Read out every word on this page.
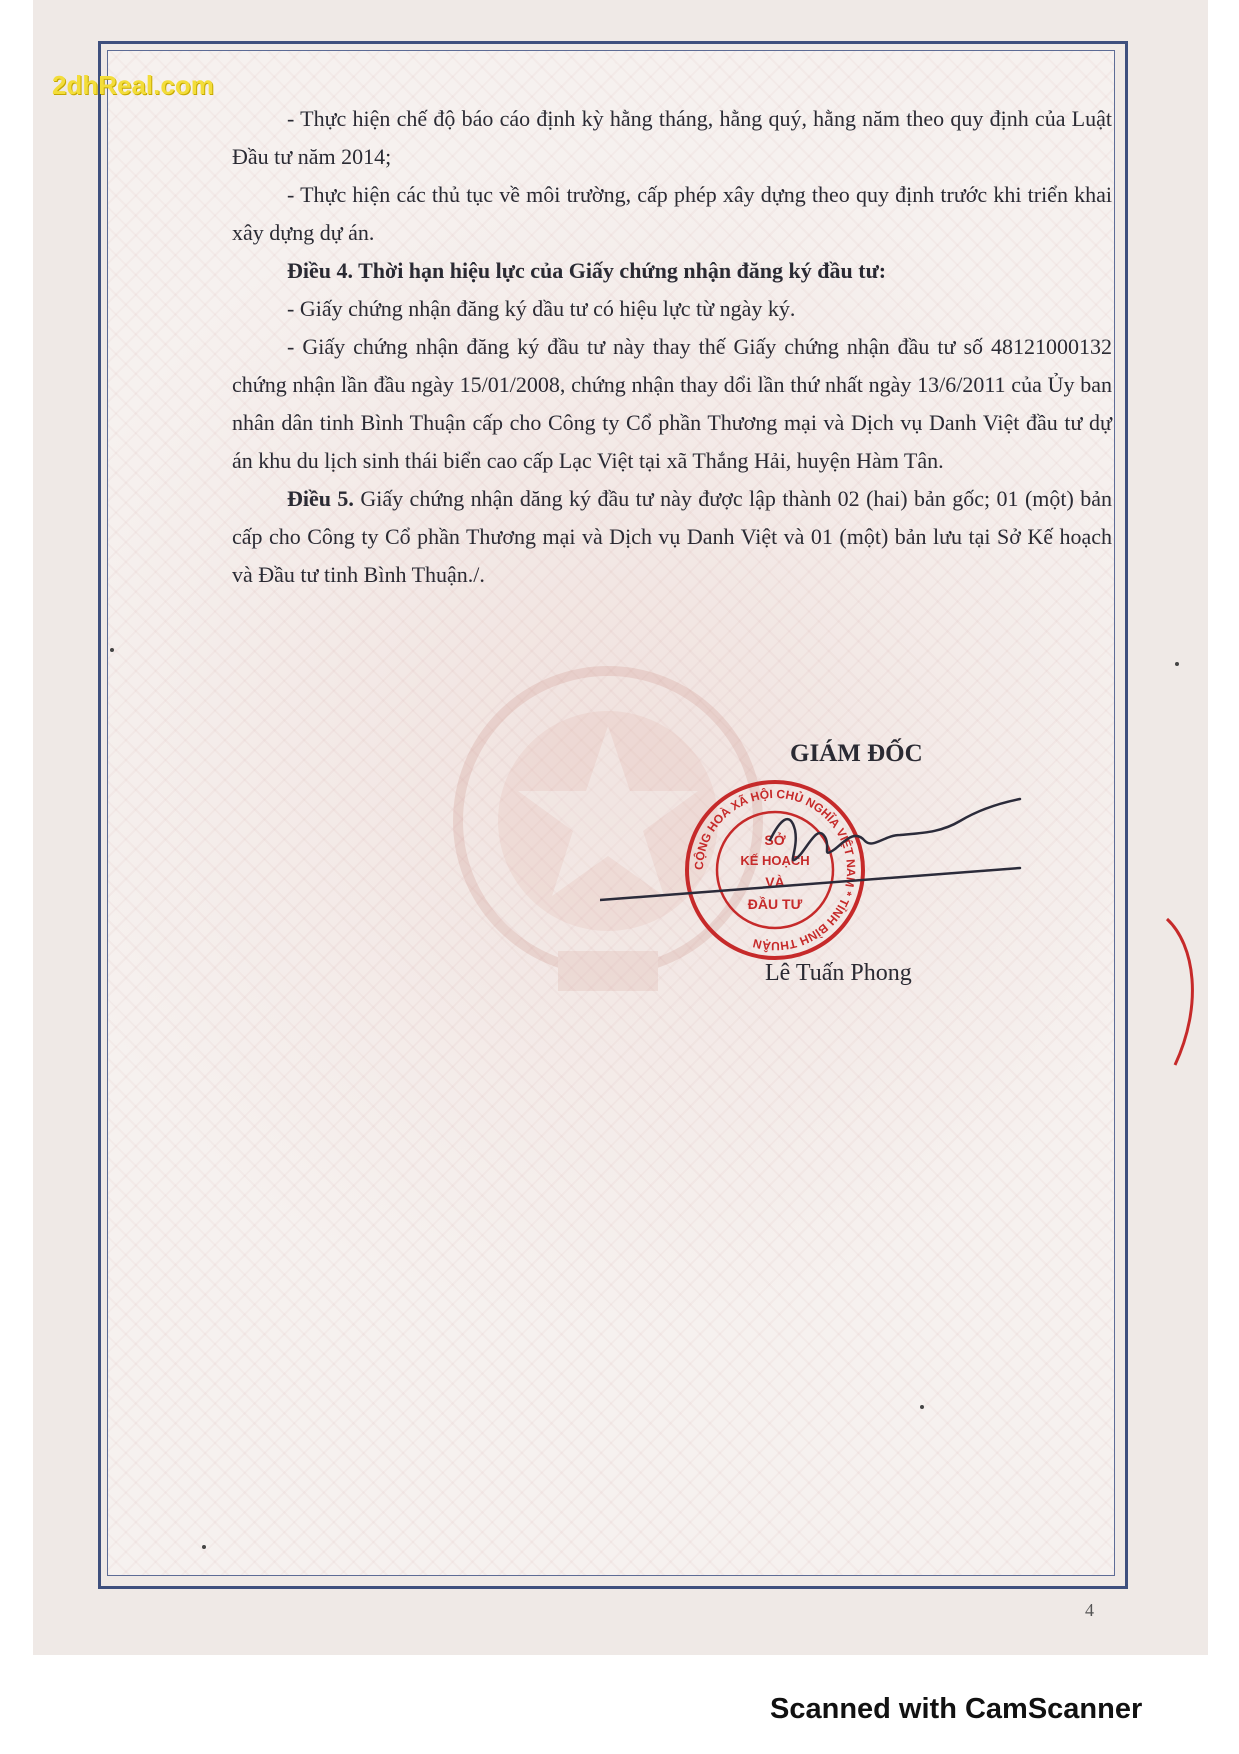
2dhReal.com

- Thực hiện chế độ báo cáo định kỳ hằng tháng, hằng quý, hằng năm theo quy định của Luật Đầu tư năm 2014;

- Thực hiện các thủ tục về môi trường, cấp phép xây dựng theo quy định trước khi triển khai xây dựng dự án.

Điều 4. Thời hạn hiệu lực của Giấy chứng nhận đăng ký đầu tư:

- Giấy chứng nhận đăng ký dầu tư có hiệu lực từ ngày ký.

- Giấy chứng nhận đăng ký đầu tư này thay thế Giấy chứng nhận đầu tư số 48121000132 chứng nhận lần đầu ngày 15/01/2008, chứng nhận thay dổi lần thứ nhất ngày 13/6/2011 của Ủy ban nhân dân tinh Bình Thuận cấp cho Công ty Cổ phần Thương mại và Dịch vụ Danh Việt đầu tư dự án khu du lịch sinh thái biển cao cấp Lạc Việt tại xã Thắng Hải, huyện Hàm Tân.

Điều 5. Giấy chứng nhận dăng ký đầu tư này được lập thành 02 (hai) bản gốc; 01 (một) bản cấp cho Công ty Cổ phần Thương mại và Dịch vụ Danh Việt và 01 (một) bản lưu tại Sở Kế hoạch và Đầu tư tinh Bình Thuận./.

GIÁM ĐỐC
CỘNG HOÀ XÃ HỘI CHỦ NGHĨA VIỆT NAM * TỈNH BÌNH THUẬN
SỞ
KẾ HOẠCH
VÀ
ĐẦU TƯ
Lê Tuấn Phong
4
Scanned with CamScanner
